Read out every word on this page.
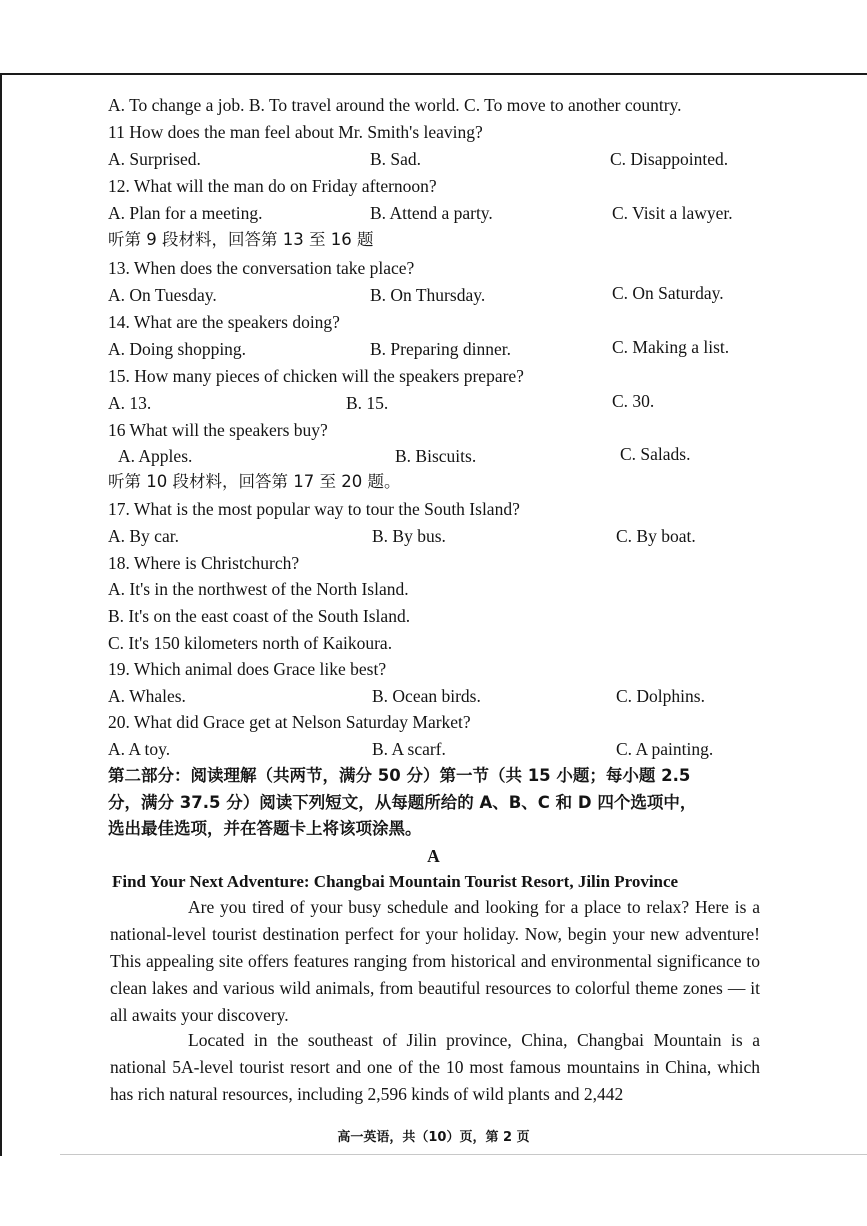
A. To change a job. B. To travel around the world. C. To move to another country.
11 How does the man feel about Mr. Smith's leaving?
A. Surprised.	B. Sad.	C. Disappointed.
12. What will the man do on Friday afternoon?
A. Plan for a meeting.	B. Attend a party.	C. Visit a lawyer.
听第 9 段材料，回答第 13 至 16 题
13. When does the conversation take place?
A. On Tuesday.	B. On Thursday.	C. On Saturday.
14. What are the speakers doing?
A. Doing shopping.	B. Preparing dinner.	C. Making a list.
15. How many pieces of chicken will the speakers prepare?
A. 13.	B. 15.	C. 30.
16 What will the speakers buy?
A. Apples.	B. Biscuits.	C. Salads.
听第 10 段材料，回答第 17 至 20 题。
17. What is the most popular way to tour the South Island?
A. By car.	B. By bus.	C. By boat.
18. Where is Christchurch?
A. It's in the northwest of the North Island.
B. It's on the east coast of the South Island.
C. It's 150 kilometers north of Kaikoura.
19. Which animal does Grace like best?
A. Whales.	B. Ocean birds.	C. Dolphins.
20. What did Grace get at Nelson Saturday Market?
A. A toy.	B. A scarf.	C. A painting.
第二部分：阅读理解（共两节，满分 50 分）第一节（共 15 小题；每小题 2.5
分，满分 37.5 分）阅读下列短文，从每题所给的 A、B、C 和 D 四个选项中，
选出最佳选项，并在答题卡上将该项涂黑。
A
Find Your Next Adventure: Changbai Mountain Tourist Resort, Jilin Province
Are you tired of your busy schedule and looking for a place to relax? Here is a national-level tourist destination perfect for your holiday. Now, begin your new adventure! This appealing site offers features ranging from historical and environmental significance to clean lakes and various wild animals, from beautiful resources to colorful theme zones — it all awaits your discovery.
Located in the southeast of Jilin province, China, Changbai Mountain is a national 5A-level tourist resort and one of the 10 most famous mountains in China, which has rich natural resources, including 2,596 kinds of wild plants and 2,442
高一英语，共（10）页，第 2 页
